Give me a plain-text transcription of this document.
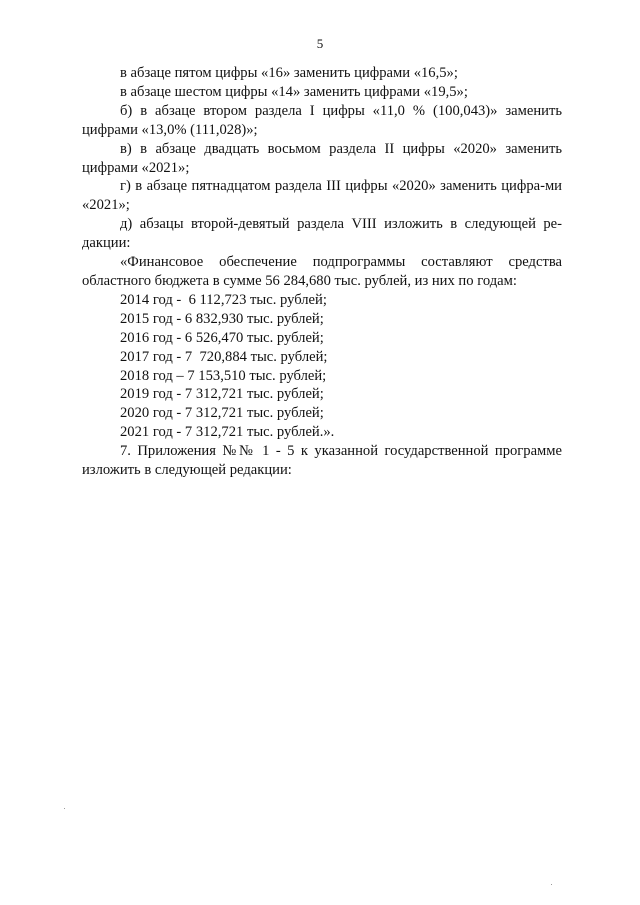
5

в абзаце пятом цифры «16» заменить цифрами «16,5»;

в абзаце шестом цифры «14» заменить цифрами «19,5»;

б) в абзаце втором раздела I цифры «11,0 % (100,043)» заменить цифрами «13,0% (111,028)»;

в) в абзаце двадцать восьмом раздела II цифры «2020» заменить цифрами «2021»;

г) в абзаце пятнадцатом раздела III цифры «2020» заменить цифра-ми «2021»;

д) абзацы второй-девятый раздела VIII изложить в следующей ре-дакции:

«Финансовое обеспечение подпрограммы составляют средства

областного бюджета в сумме 56 284,680 тыс. рублей, из них по годам:

2014 год -  6 112,723 тыс. рублей;

2015 год - 6 832,930 тыс. рублей;

2016 год - 6 526,470 тыс. рублей;

2017 год - 7  720,884 тыс. рублей;

2018 год – 7 153,510 тыс. рублей;

2019 год - 7 312,721 тыс. рублей;

2020 год - 7 312,721 тыс. рублей;

2021 год - 7 312,721 тыс. рублей.».

7. Приложения №№ 1 - 5 к указанной государственной программе

изложить в следующей редакции:
